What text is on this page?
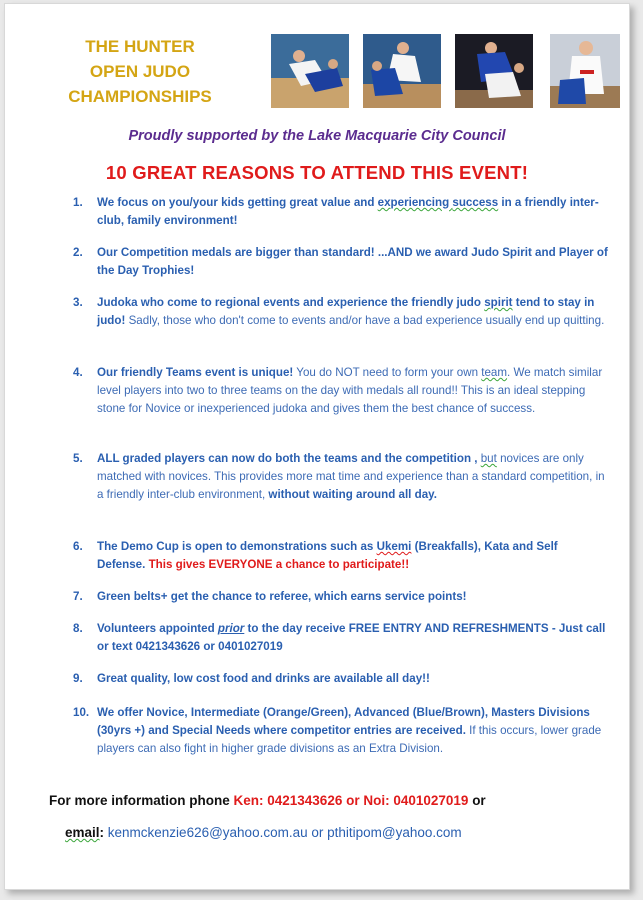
THE HUNTER
OPEN JUDO
CHAMPIONSHIPS
Proudly supported by the Lake Macquarie City Council
10 GREAT REASONS TO ATTEND THIS EVENT!
1.	We focus on you/your kids getting great value and experiencing success in a friendly inter-club, family environment!
2.	Our Competition medals are bigger than standard! ...AND we award Judo Spirit and Player of the Day Trophies!
3.	Judoka who come to regional events and experience the friendly judo spirit tend to stay in judo! Sadly, those who don't come to events and/or have a bad experience usually end up quitting.
4.	Our friendly Teams event is unique! You do NOT need to form your own team. We match similar level players into two to three teams on the day with medals all round!! This is an ideal stepping stone for Novice or inexperienced judoka and gives them the best chance of success.
5.	ALL graded players can now do both the teams and the competition , but novices are only matched with novices. This provides more mat time and experience than a standard competition, in a friendly inter-club environment, without waiting around all day.
6.	The Demo Cup is open to demonstrations such as Ukemi (Breakfalls), Kata and Self Defense. This gives EVERYONE a chance to participate!!
7.	Green belts+ get the chance to referee, which earns service points!
8.	Volunteers appointed prior to the day receive FREE ENTRY AND REFRESHMENTS - Just call or text 0421343626 or 0401027019
9.	Great quality, low cost food and drinks are available all day!!
10. We offer Novice, Intermediate (Orange/Green), Advanced (Blue/Brown), Masters Divisions (30yrs +) and Special Needs where competitor entries are received. If this occurs, lower grade players can also fight in higher grade divisions as an Extra Division.
For more information phone Ken: 0421343626 or Noi: 0401027019 or
email: kenmckenzie626@yahoo.com.au or pthitipom@yahoo.com
